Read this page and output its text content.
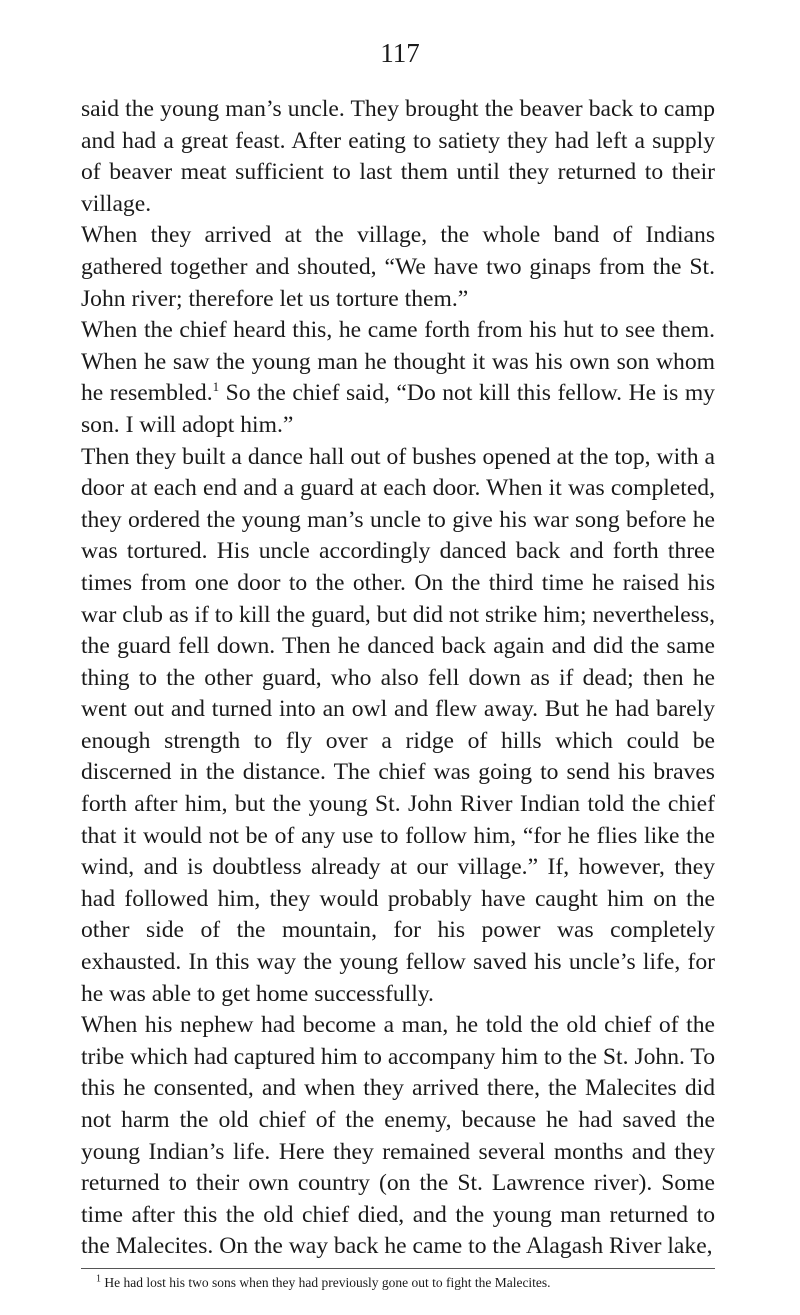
117

said the young man’s uncle. They brought the beaver back to camp and had a great feast. After eating to satiety they had left a supply of beaver meat sufficient to last them until they returned to their village.

When they arrived at the village, the whole band of Indians gathered together and shouted, “We have two ginaps from the St. John river; therefore let us torture them.”

When the chief heard this, he came forth from his hut to see them. When he saw the young man he thought it was his own son whom he resembled.$^1$ So the chief said, “Do not kill this fellow. He is my son. I will adopt him.”

Then they built a dance hall out of bushes opened at the top, with a door at each end and a guard at each door. When it was completed, they ordered the young man’s uncle to give his war song before he was tortured. His uncle accordingly danced back and forth three times from one door to the other. On the third time he raised his war club as if to kill the guard, but did not strike him; nevertheless, the guard fell down. Then he danced back again and did the same thing to the other guard, who also fell down as if dead; then he went out and turned into an owl and flew away. But he had barely enough strength to fly over a ridge of hills which could be discerned in the distance. The chief was going to send his braves forth after him, but the young St. John River Indian told the chief that it would not be of any use to follow him, “for he flies like the wind, and is doubtless already at our village.” If, however, they had followed him, they would probably have caught him on the other side of the mountain, for his power was completely exhausted. In this way the young fellow saved his uncle’s life, for he was able to get home successfully.

When his nephew had become a man, he told the old chief of the tribe which had captured him to accompany him to the St. John. To this he consented, and when they arrived there, the Malecites did not harm the old chief of the enemy, because he had saved the young Indian’s life. Here they remained several months and they returned to their own country (on the St. Lawrence river). Some time after this the old chief died, and the young man returned to the Malecites. On the way back he came to the Alagash River lake,

$^1$ He had lost his two sons when they had previously gone out to fight the Malecites.
